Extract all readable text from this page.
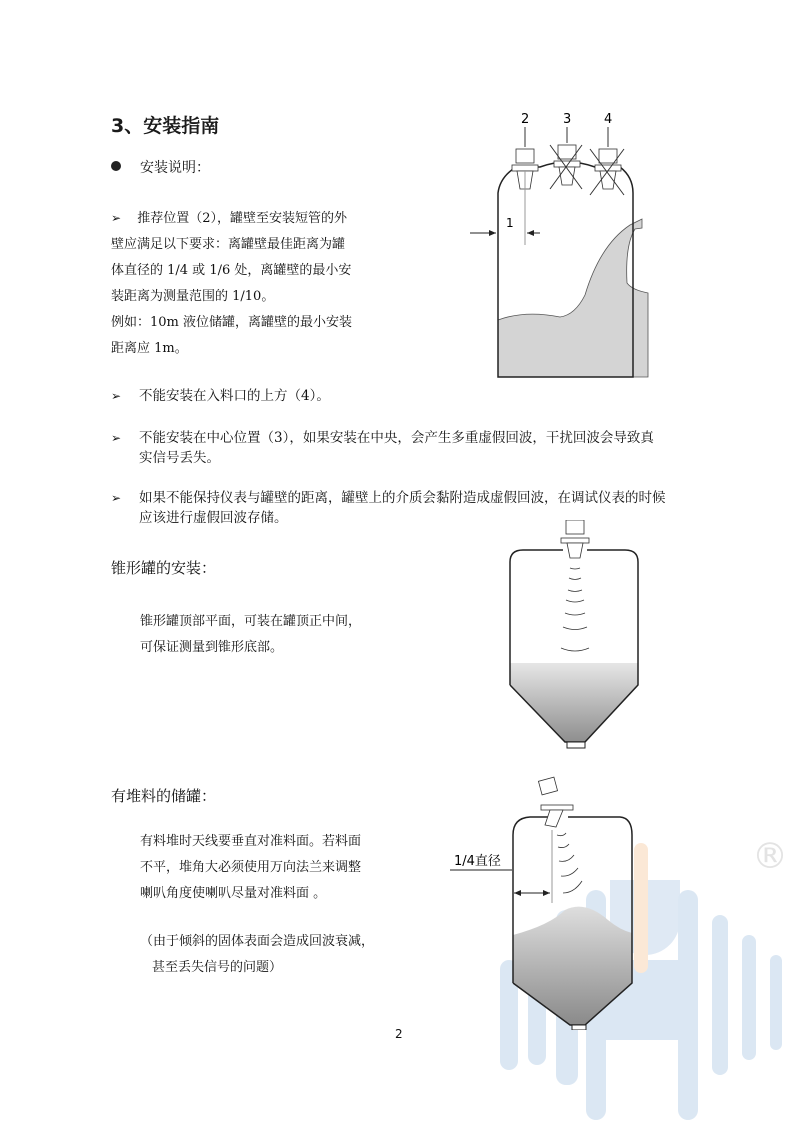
®
3、安装指南
安装说明：
➢ 推荐位置（2），罐壁至安装短管的外
壁应满足以下要求：离罐壁最佳距离为罐
体直径的 1/4 或 1/6 处，离罐壁的最小安
装距离为测量范围的 1/10。
例如：10m 液位储罐，离罐壁的最小安装
距离应 1m。
2	3	4
1
➢ 不能安装在入料口的上方（4）。
➢ 不能安装在中心位置（3），如果安装在中央，会产生多重虚假回波，干扰回波会导致真
实信号丢失。
➢ 如果不能保持仪表与罐壁的距离，罐壁上的介质会黏附造成虚假回波，在调试仪表的时候
应该进行虚假回波存储。
锥形罐的安装：
锥形罐顶部平面，可装在罐顶正中间，
可保证测量到锥形底部。
有堆料的储罐：
有料堆时天线要垂直对准料面。若料面
不平，堆角大必须使用万向法兰来调整
喇叭角度使喇叭尽量对准料面 。
（由于倾斜的固体表面会造成回波衰减，
甚至丢失信号的问题）
1/4直径
2
